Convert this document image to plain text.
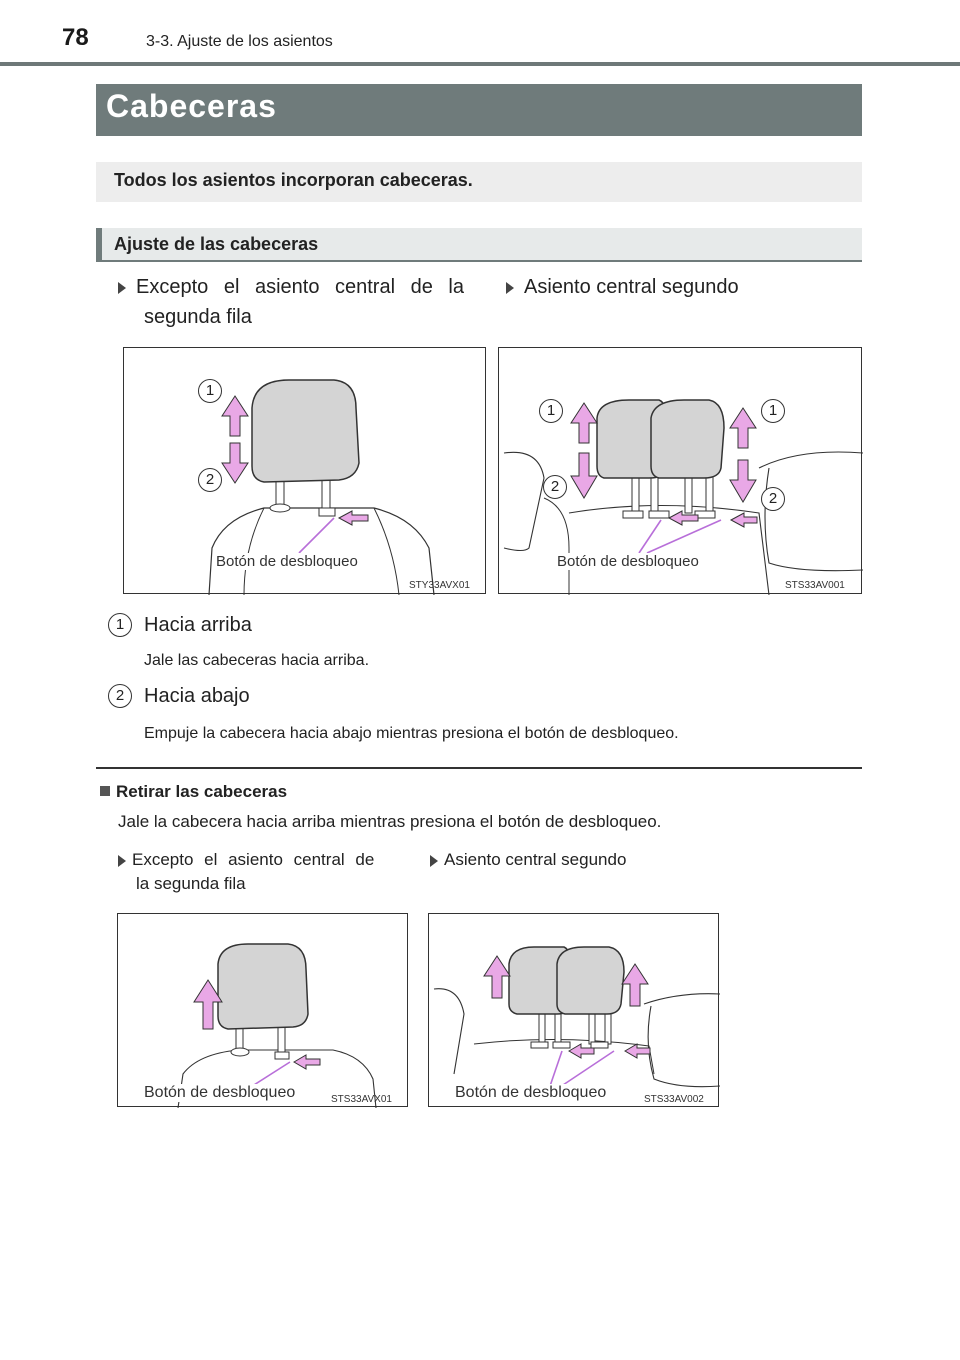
78	3-3. Ajuste de los asientos
Cabeceras
Todos los asientos incorporan cabeceras.
Ajuste de las cabeceras
Excepto el asiento central de la
segunda fila
Asiento central segundo
1
2
Botón de desbloqueo
STY33AVX01
1	1
2
2
Botón de desbloqueo
STS33AV001
1 Hacia arriba
Jale las cabeceras hacia arriba.
2 Hacia abajo
Empuje la cabecera hacia abajo mientras presiona el botón de desbloqueo.
Retirar las cabeceras
Jale la cabecera hacia arriba mientras presiona el botón de desbloqueo.
Excepto el asiento central de
la segunda fila
Asiento central segundo
Botón de desbloqueo	STS33AVX01	Botón de desbloqueo	STS33AV002
